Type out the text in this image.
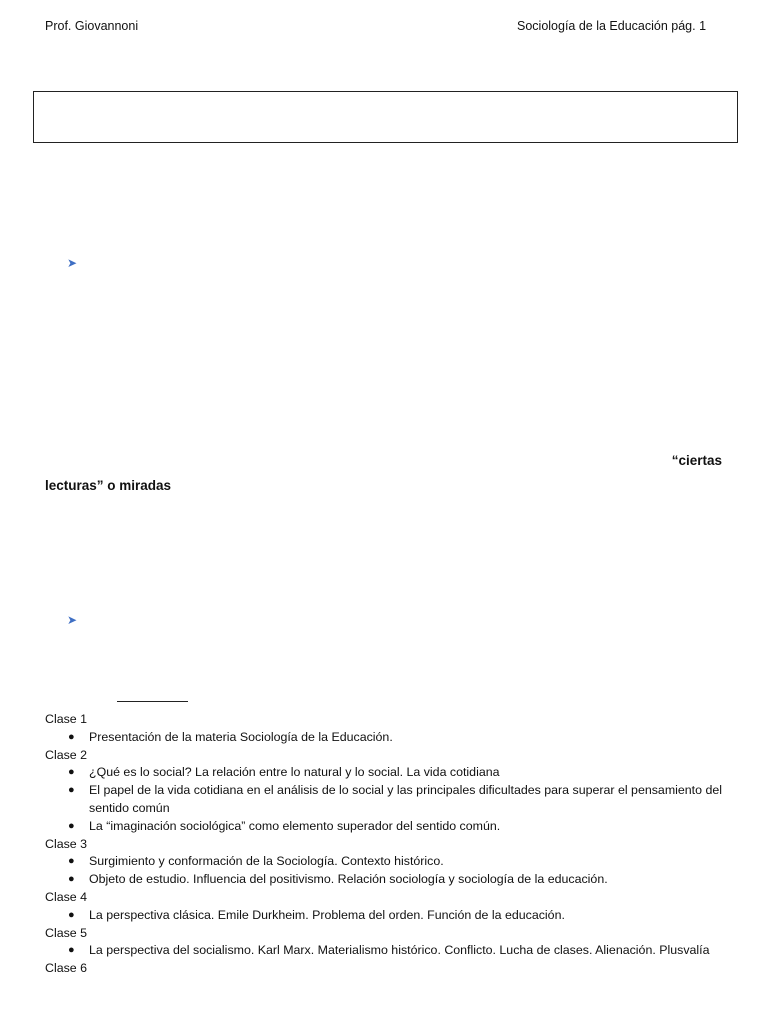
Prof. Giovannoni	Sociología de la Educación pág. 1
➤
“ciertas
lecturas” o miradas
➤
Clase 1
● Presentación de la materia Sociología de la Educación.
Clase 2
● ¿Qué es lo social? La relación entre lo natural y lo social. La vida cotidiana
● El papel de la vida cotidiana en el análisis de lo social y las principales dificultades para superar el pensamiento del sentido común
● La “imaginación sociológica” como elemento superador del sentido común.
Clase 3
● Surgimiento y conformación de la Sociología. Contexto histórico.
● Objeto de estudio. Influencia del positivismo. Relación sociología y sociología de la educación.
Clase 4
● La perspectiva clásica. Emile Durkheim. Problema del orden. Función de la educación.
Clase 5
● La perspectiva del socialismo. Karl Marx. Materialismo histórico. Conflicto. Lucha de clases. Alienación. Plusvalía
Clase 6
